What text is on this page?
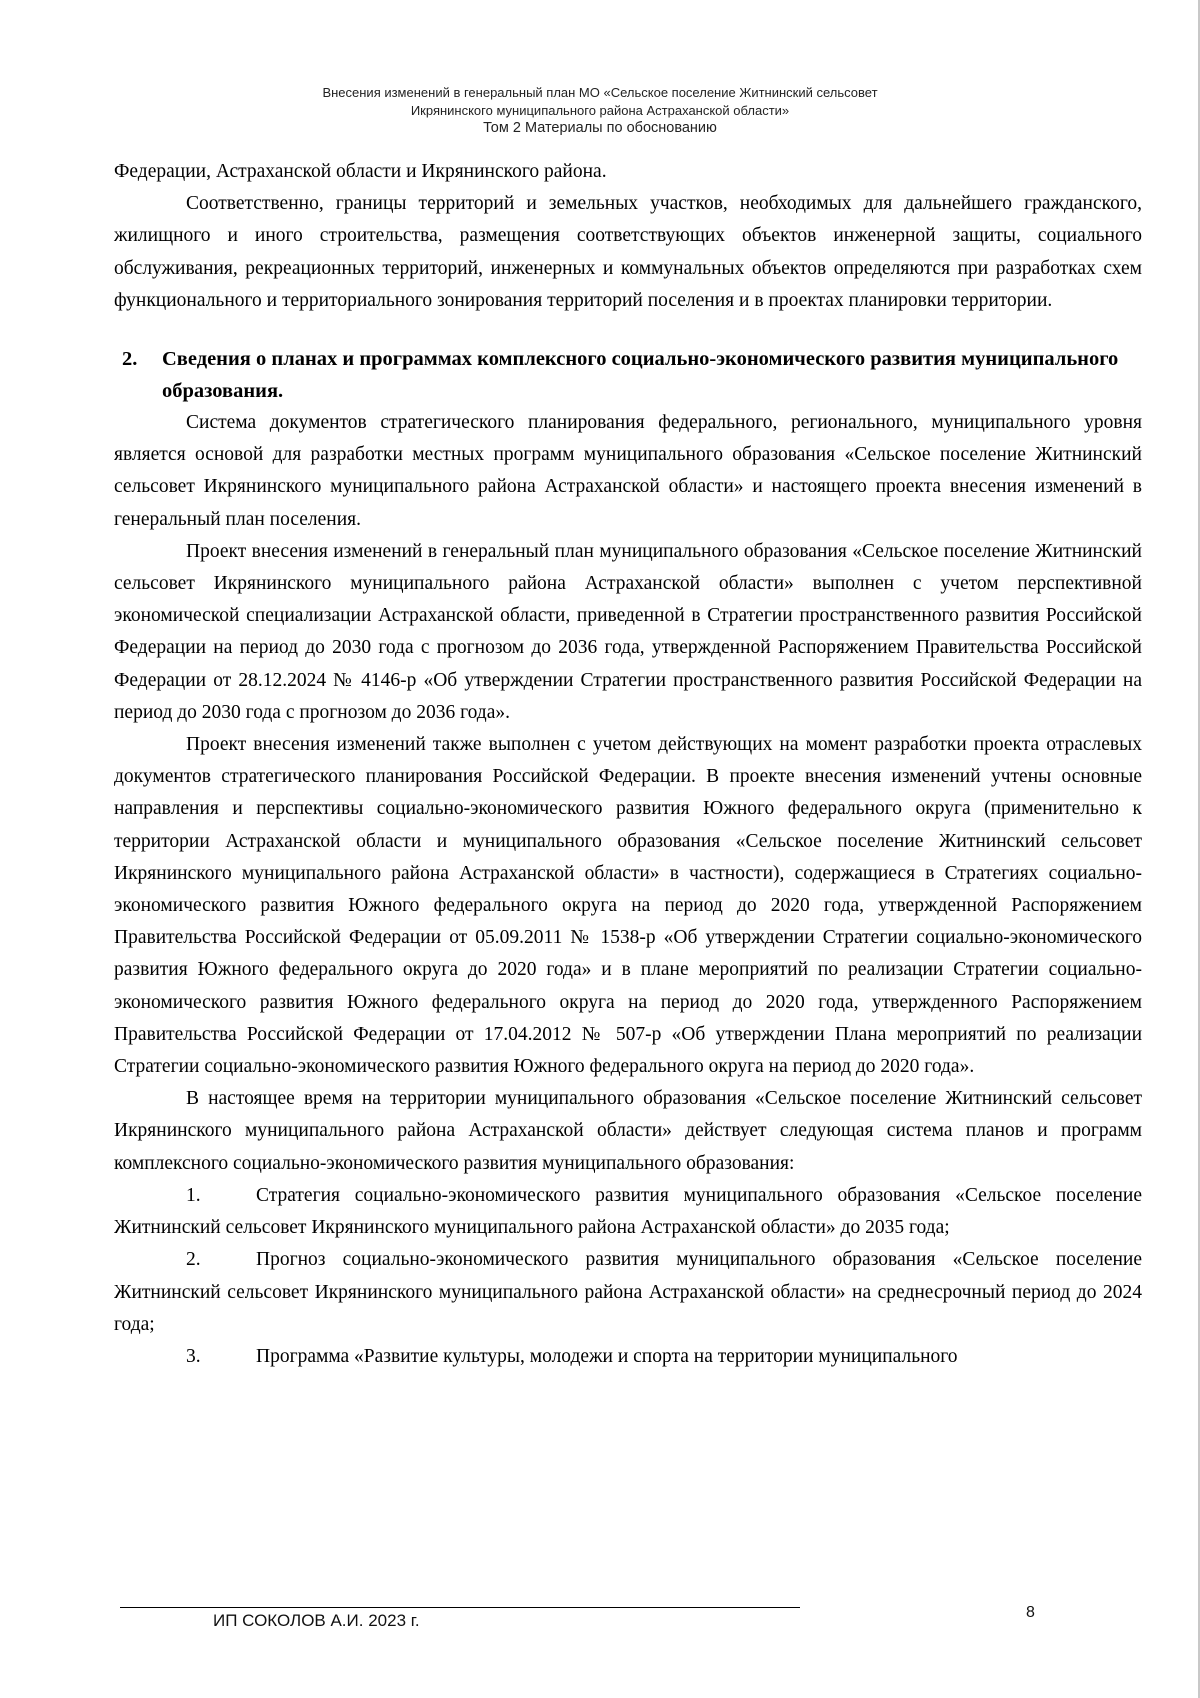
Внесения изменений в генеральный план МО «Сельское поселение Житнинский сельсовет
Икрянинского муниципального района Астраханской области»
Том 2 Материалы по обоснованию

Федерации, Астраханской области и Икрянинского района.

Соответственно, границы территорий и земельных участков, необходимых для дальнейшего гражданского, жилищного и иного строительства, размещения соответствующих объектов инженерной защиты, социального обслуживания, рекреационных территорий, инженерных и коммунальных объектов определяются при разработках схем функционального и территориального зонирования территорий поселения и в проектах планировки территории.

2.	Сведения о планах и программах комплексного социально-экономического развития муниципального образования.

Система документов стратегического планирования федерального, регионального, муниципального уровня является основой для разработки местных программ муниципального образования «Сельское поселение Житнинский сельсовет Икрянинского муниципального района Астраханской области» и настоящего проекта внесения изменений в генеральный план поселения.

Проект внесения изменений в генеральный план муниципального образования «Сельское поселение Житнинский сельсовет Икрянинского муниципального района Астраханской области» выполнен с учетом перспективной экономической специализации Астраханской области, приведенной в Стратегии пространственного развития Российской Федерации на период до 2030 года с прогнозом до 2036 года, утвержденной Распоряжением Правительства Российской Федерации от 28.12.2024 № 4146-р «Об утверждении Стратегии пространственного развития Российской Федерации на период до 2030 года с прогнозом до 2036 года».

Проект внесения изменений также выполнен с учетом действующих на момент разработки проекта отраслевых документов стратегического планирования Российской Федерации. В проекте внесения изменений учтены основные направления и перспективы социально-экономического развития Южного федерального округа (применительно к территории Астраханской области и муниципального образования «Сельское поселение Житнинский сельсовет Икрянинского муниципального района Астраханской области» в частности), содержащиеся в Стратегиях социально-экономического развития Южного федерального округа на период до 2020 года, утвержденной Распоряжением Правительства Российской Федерации от 05.09.2011 № 1538-р «Об утверждении Стратегии социально-экономического развития Южного федерального округа до 2020 года» и в плане мероприятий по реализации Стратегии социально-экономического развития Южного федерального округа на период до 2020 года, утвержденного Распоряжением Правительства Российской Федерации от 17.04.2012 № 507-р «Об утверждении Плана мероприятий по реализации Стратегии социально-экономического развития Южного федерального округа на период до 2020 года».

В настоящее время на территории муниципального образования «Сельское поселение Житнинский сельсовет Икрянинского муниципального района Астраханской области» действует следующая система планов и программ комплексного социально-экономического развития муниципального образования:

1.	Стратегия социально-экономического развития муниципального образования «Сельское поселение Житнинский сельсовет Икрянинского муниципального района Астраханской области» до 2035 года;

2.	Прогноз социально-экономического развития муниципального образования «Сельское поселение Житнинский сельсовет Икрянинского муниципального района Астраханской области» на среднесрочный период до 2024 года;

3.	Программа «Развитие культуры, молодежи и спорта на территории муниципального

ИП СОКОЛОВ А.И. 2023 г.	8
